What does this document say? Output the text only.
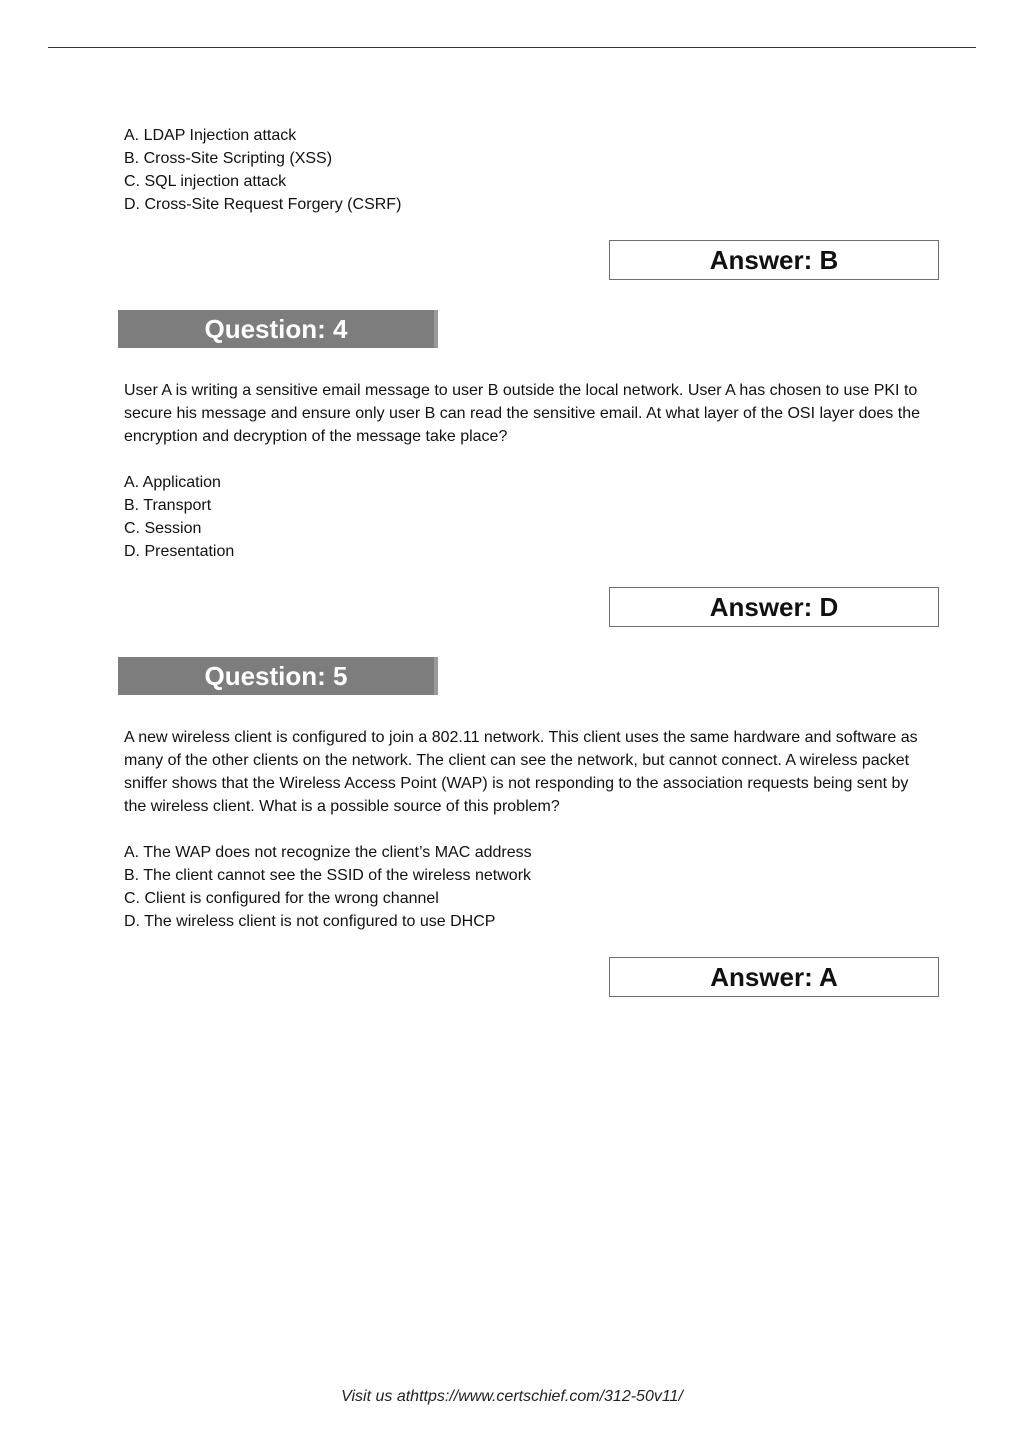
A. LDAP Injection attack
B. Cross-Site Scripting (XSS)
C. SQL injection attack
D. Cross-Site Request Forgery (CSRF)
Answer: B
Question: 4
User A is writing a sensitive email message to user B outside the local network. User A has chosen to use PKI to secure his message and ensure only user B can read the sensitive email. At what layer of the OSI layer does the encryption and decryption of the message take place?
A. Application
B. Transport
C. Session
D. Presentation
Answer: D
Question: 5
A new wireless client is configured to join a 802.11 network. This client uses the same hardware and software as many of the other clients on the network. The client can see the network, but cannot connect. A wireless packet sniffer shows that the Wireless Access Point (WAP) is not responding to the association requests being sent by the wireless client. What is a possible source of this problem?
A. The WAP does not recognize the client’s MAC address
B. The client cannot see the SSID of the wireless network
C. Client is configured for the wrong channel
D. The wireless client is not configured to use DHCP
Answer: A
Visit us athttps://www.certschief.com/312-50v11/
